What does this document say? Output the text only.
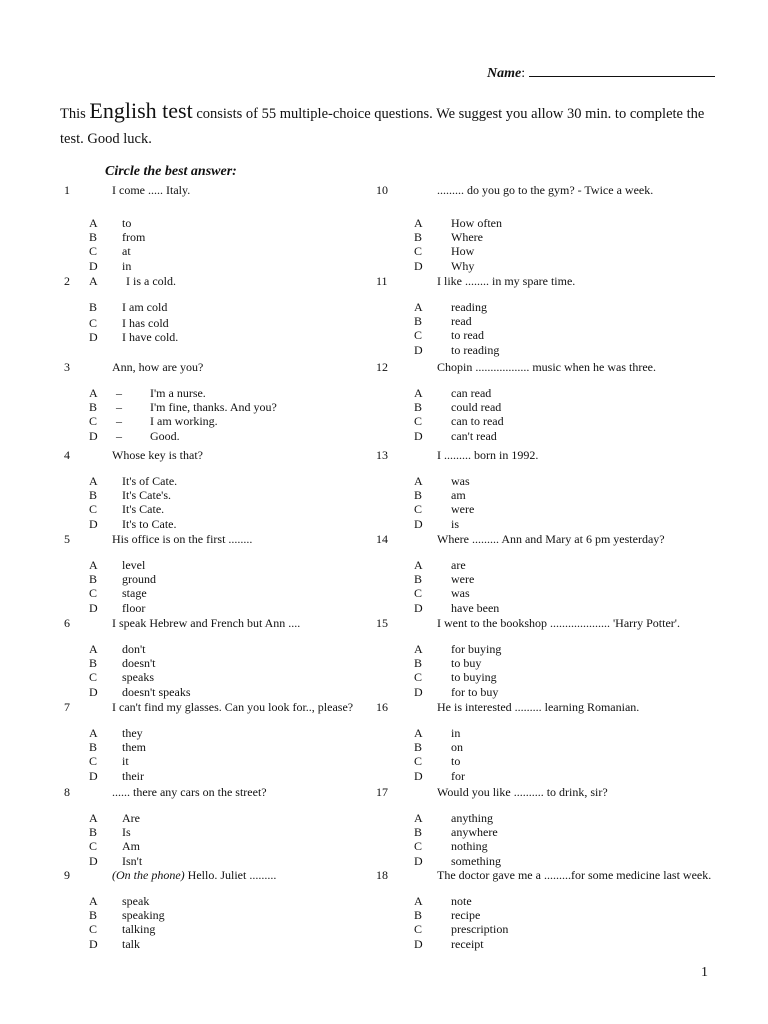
Name:
This English test consists of 55 multiple-choice questions. We suggest you allow 30 min. to complete the test. Good luck.
Circle the best answer:
1	I come ..... Italy.
A to
B from
C at
D in
2 A I is a cold.
B I am cold
C I has cold
D I have cold.
3	Ann, how are you?
A – I'm a nurse.
B – I'm fine, thanks. And you?
C – I am working.
D – Good.
4	Whose key is that?
A It's of Cate.
B It's Cate's.
C It's Cate.
D It's to Cate.
5	His office is on the first ........
A level
B ground
C stage
D floor
6	I speak Hebrew and French but Ann ....
A don't
B doesn't
C speaks
D doesn't speaks
7	I can't find my glasses. Can you look for.., please?
A they
B them
C it
D their
8	...... there any cars on the street?
A Are
B Is
C Am
D Isn't
9	(On the phone) Hello. Juliet .........
A speak
B speaking
C talking
D talk
10	......... do you go to the gym? - Twice a week.
A How often
B Where
C How
D Why
11	I like ........ in my spare time.
A reading
B read
C to read
D to reading
12	Chopin .................. music when he was three.
A can read
B could read
C can to read
D can't read
13	I ......... born in 1992.
A was
B am
C were
D is
14	Where ......... Ann and Mary at 6 pm yesterday?
A are
B were
C was
D have been
15	I went to the bookshop .................... 'Harry Potter'.
A for buying
B to buy
C to buying
D for to buy
16	He is interested ......... learning Romanian.
A in
B on
C to
D for
17	Would you like .......... to drink, sir?
A anything
B anywhere
C nothing
D something
18	The doctor gave me a .........for some medicine last week.
A note
B recipe
C prescription
D receipt
1
